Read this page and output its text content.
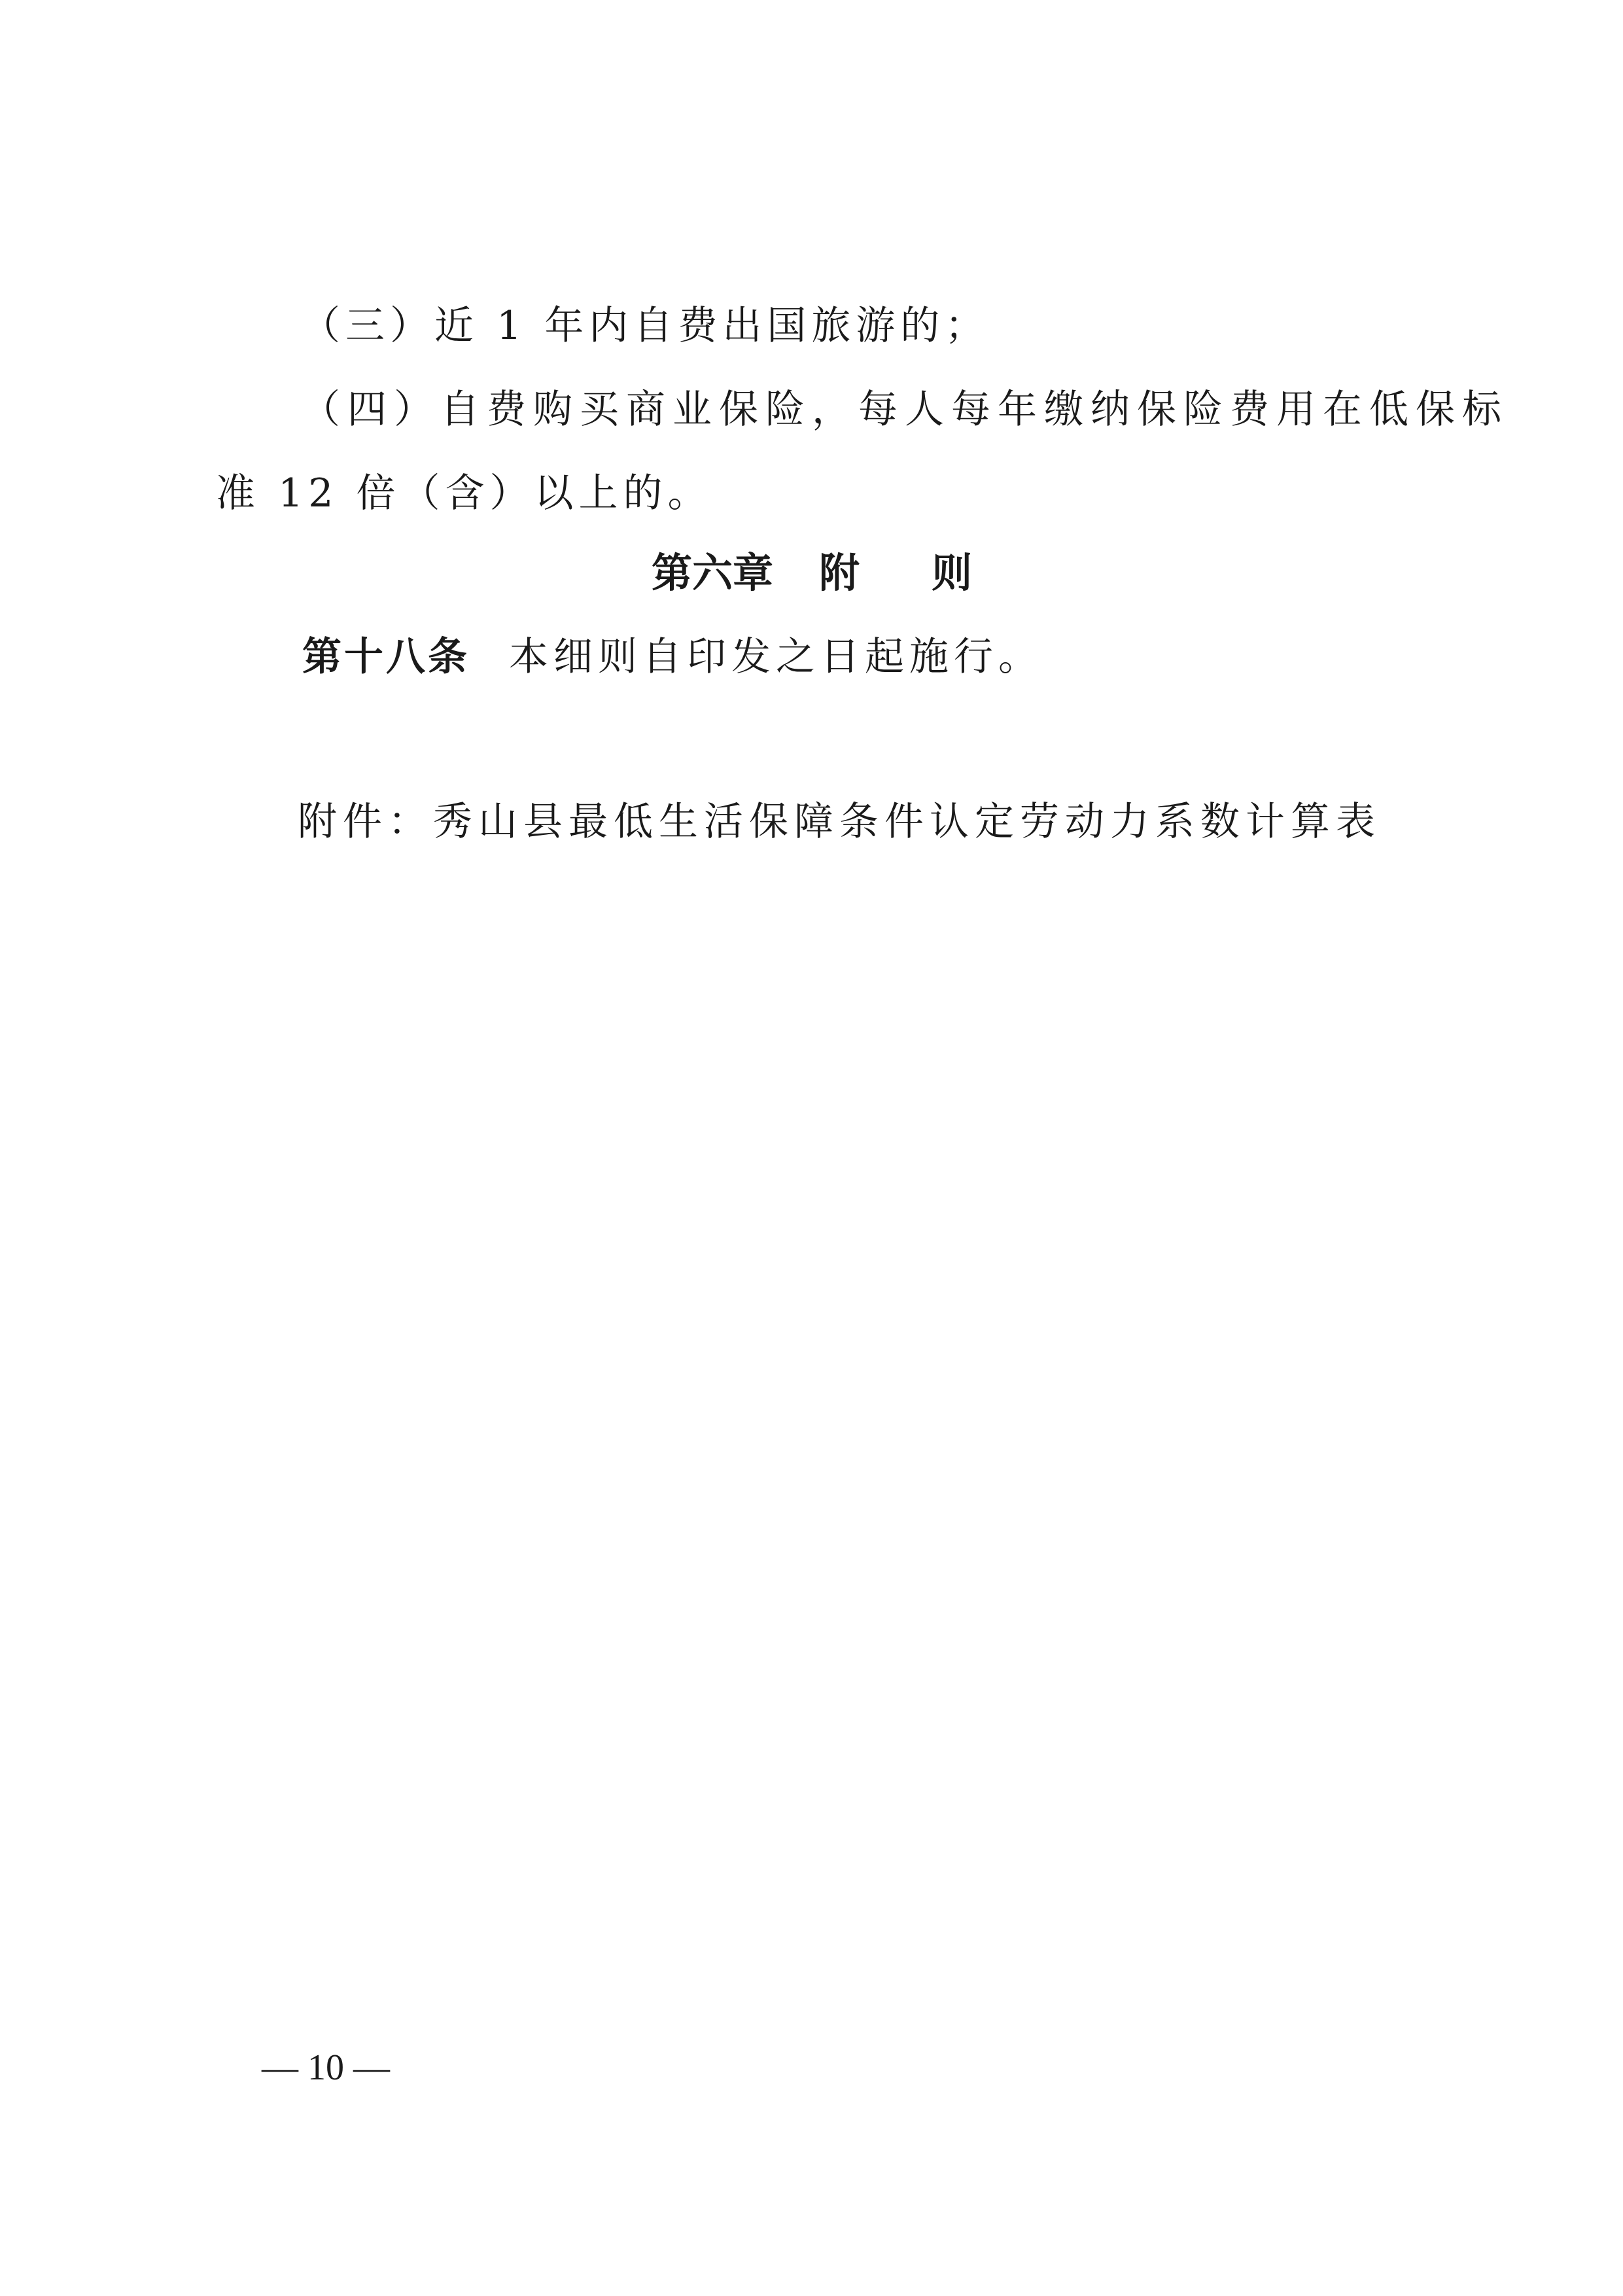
（三）近 1 年内自费出国旅游的；
（四）自费购买商业保险，每人每年缴纳保险费用在低保标
准 12 倍（含）以上的。
第六章 附 则
第十八条 本细则自印发之日起施行。
附件：秀山县最低生活保障条件认定劳动力系数计算表
— 10 —
